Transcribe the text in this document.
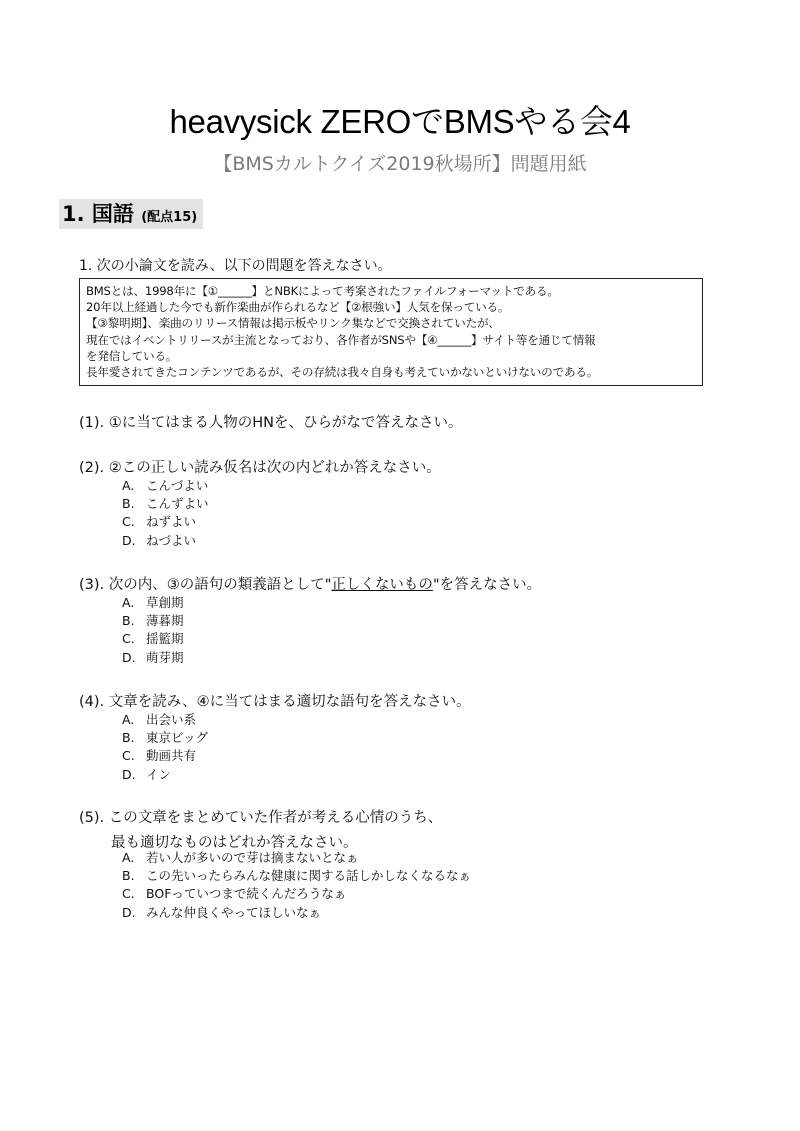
heavysick ZEROでBMSやる会4
【BMSカルトクイズ2019秋場所】問題用紙
1. 国語 (配点15)
1. 次の小論文を読み、以下の問題を答えなさい。
BMSとは、1998年に【①______】とNBKによって考案されたファイルフォーマットである。
20年以上経過した今でも新作楽曲が作られるなど【②根強い】人気を保っている。
【③黎明期】、楽曲のリリース情報は掲示板やリンク集などで交換されていたが、
現在ではイベントリリースが主流となっており、各作者がSNSや【④______】サイト等を通じて情報
を発信している。
長年愛されてきたコンテンツであるが、その存続は我々自身も考えていかないといけないのである。
(1). ①に当てはまる人物のHNを、ひらがなで答えなさい。
(2). ②この正しい読み仮名は次の内どれか答えなさい。
A. こんづよい
B. こんずよい
C. ねずよい
D. ねづよい
(3). 次の内、③の語句の類義語として"正しくないもの"を答えなさい。
A. 草創期
B. 薄暮期
C. 揺籃期
D. 萌芽期
(4). 文章を読み、④に当てはまる適切な語句を答えなさい。
A. 出会い系
B. 東京ビッグ
C. 動画共有
D. イン
(5). この文章をまとめていた作者が考える心情のうち、
最も適切なものはどれか答えなさい。
A. 若い人が多いので芽は摘まないとなぁ
B. この先いったらみんな健康に関する話しかしなくなるなぁ
C. BOFっていつまで続くんだろうなぁ
D. みんな仲良くやってほしいなぁ
